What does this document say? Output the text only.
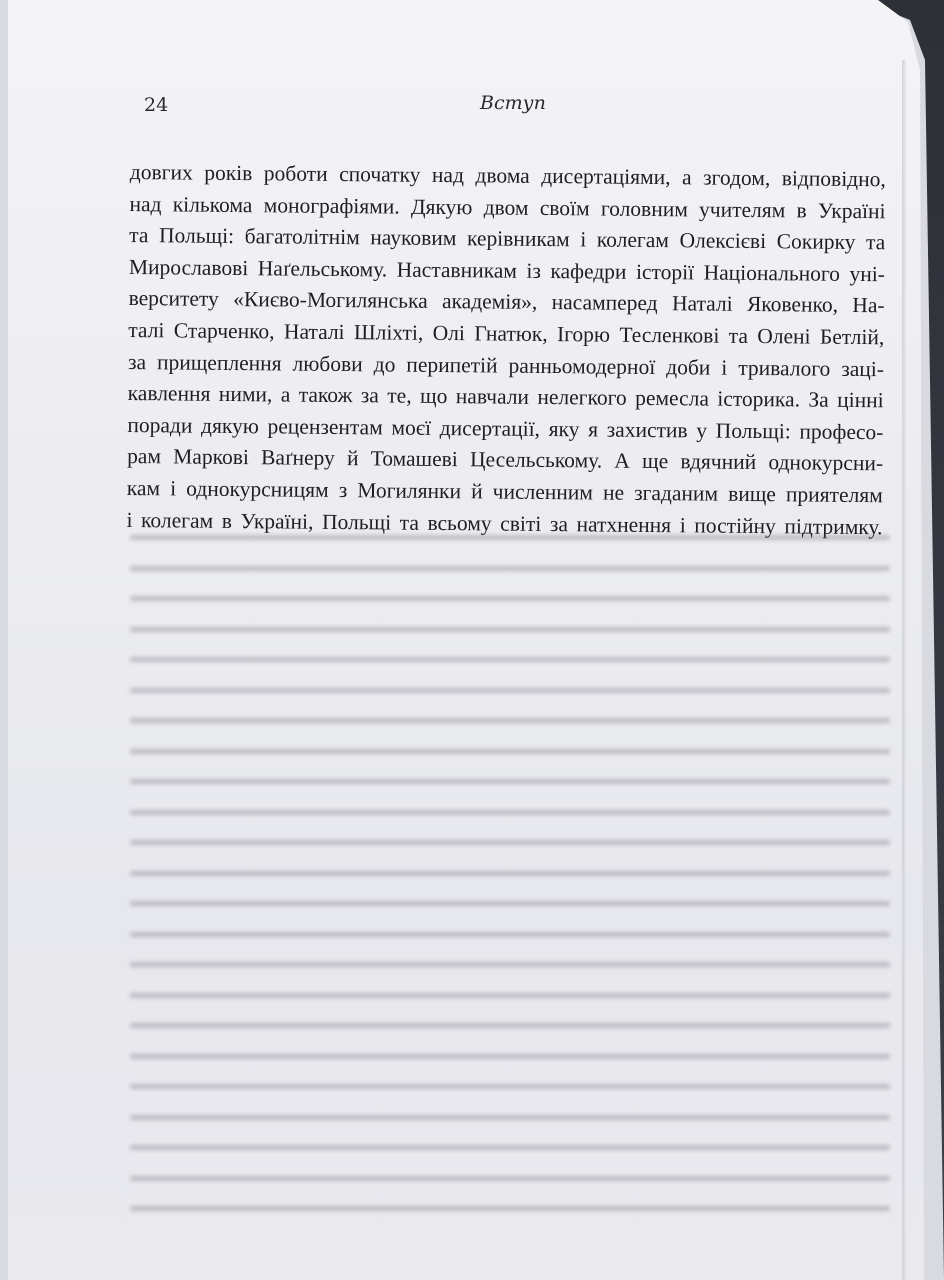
24	Вступ
довгих років роботи спочатку над двома дисертаціями, а згодом, відповідно,
над кількома монографіями. Дякую двом своїм головним учителям в Україні
та Польщі: багатолітнім науковим керівникам і колегам Олексієві Сокирку та
Мирославові Наґельському. Наставникам із кафедри історії Національного уні-
верситету «Києво-Могилянська академія», насамперед Наталі Яковенко, На-
талі Старченко, Наталі Шліхті, Олі Гнатюк, Ігорю Тесленкові та Олені Бетлій,
за прищеплення любови до перипетій ранньомодерної доби і тривалого заці-
кавлення ними, а також за те, що навчали нелегкого ремесла історика. За цінні
поради дякую рецензентам моєї дисертації, яку я захистив у Польщі: профeсо-
рам Маркові Ваґнеру й Томашеві Цесельському. А ще вдячний однокурсни-
кам і однокурсницям з Могилянки й численним не згаданим вище приятелям
і колегам в Україні, Польщі та всьому світі за натхнення і постійну підтримку.
